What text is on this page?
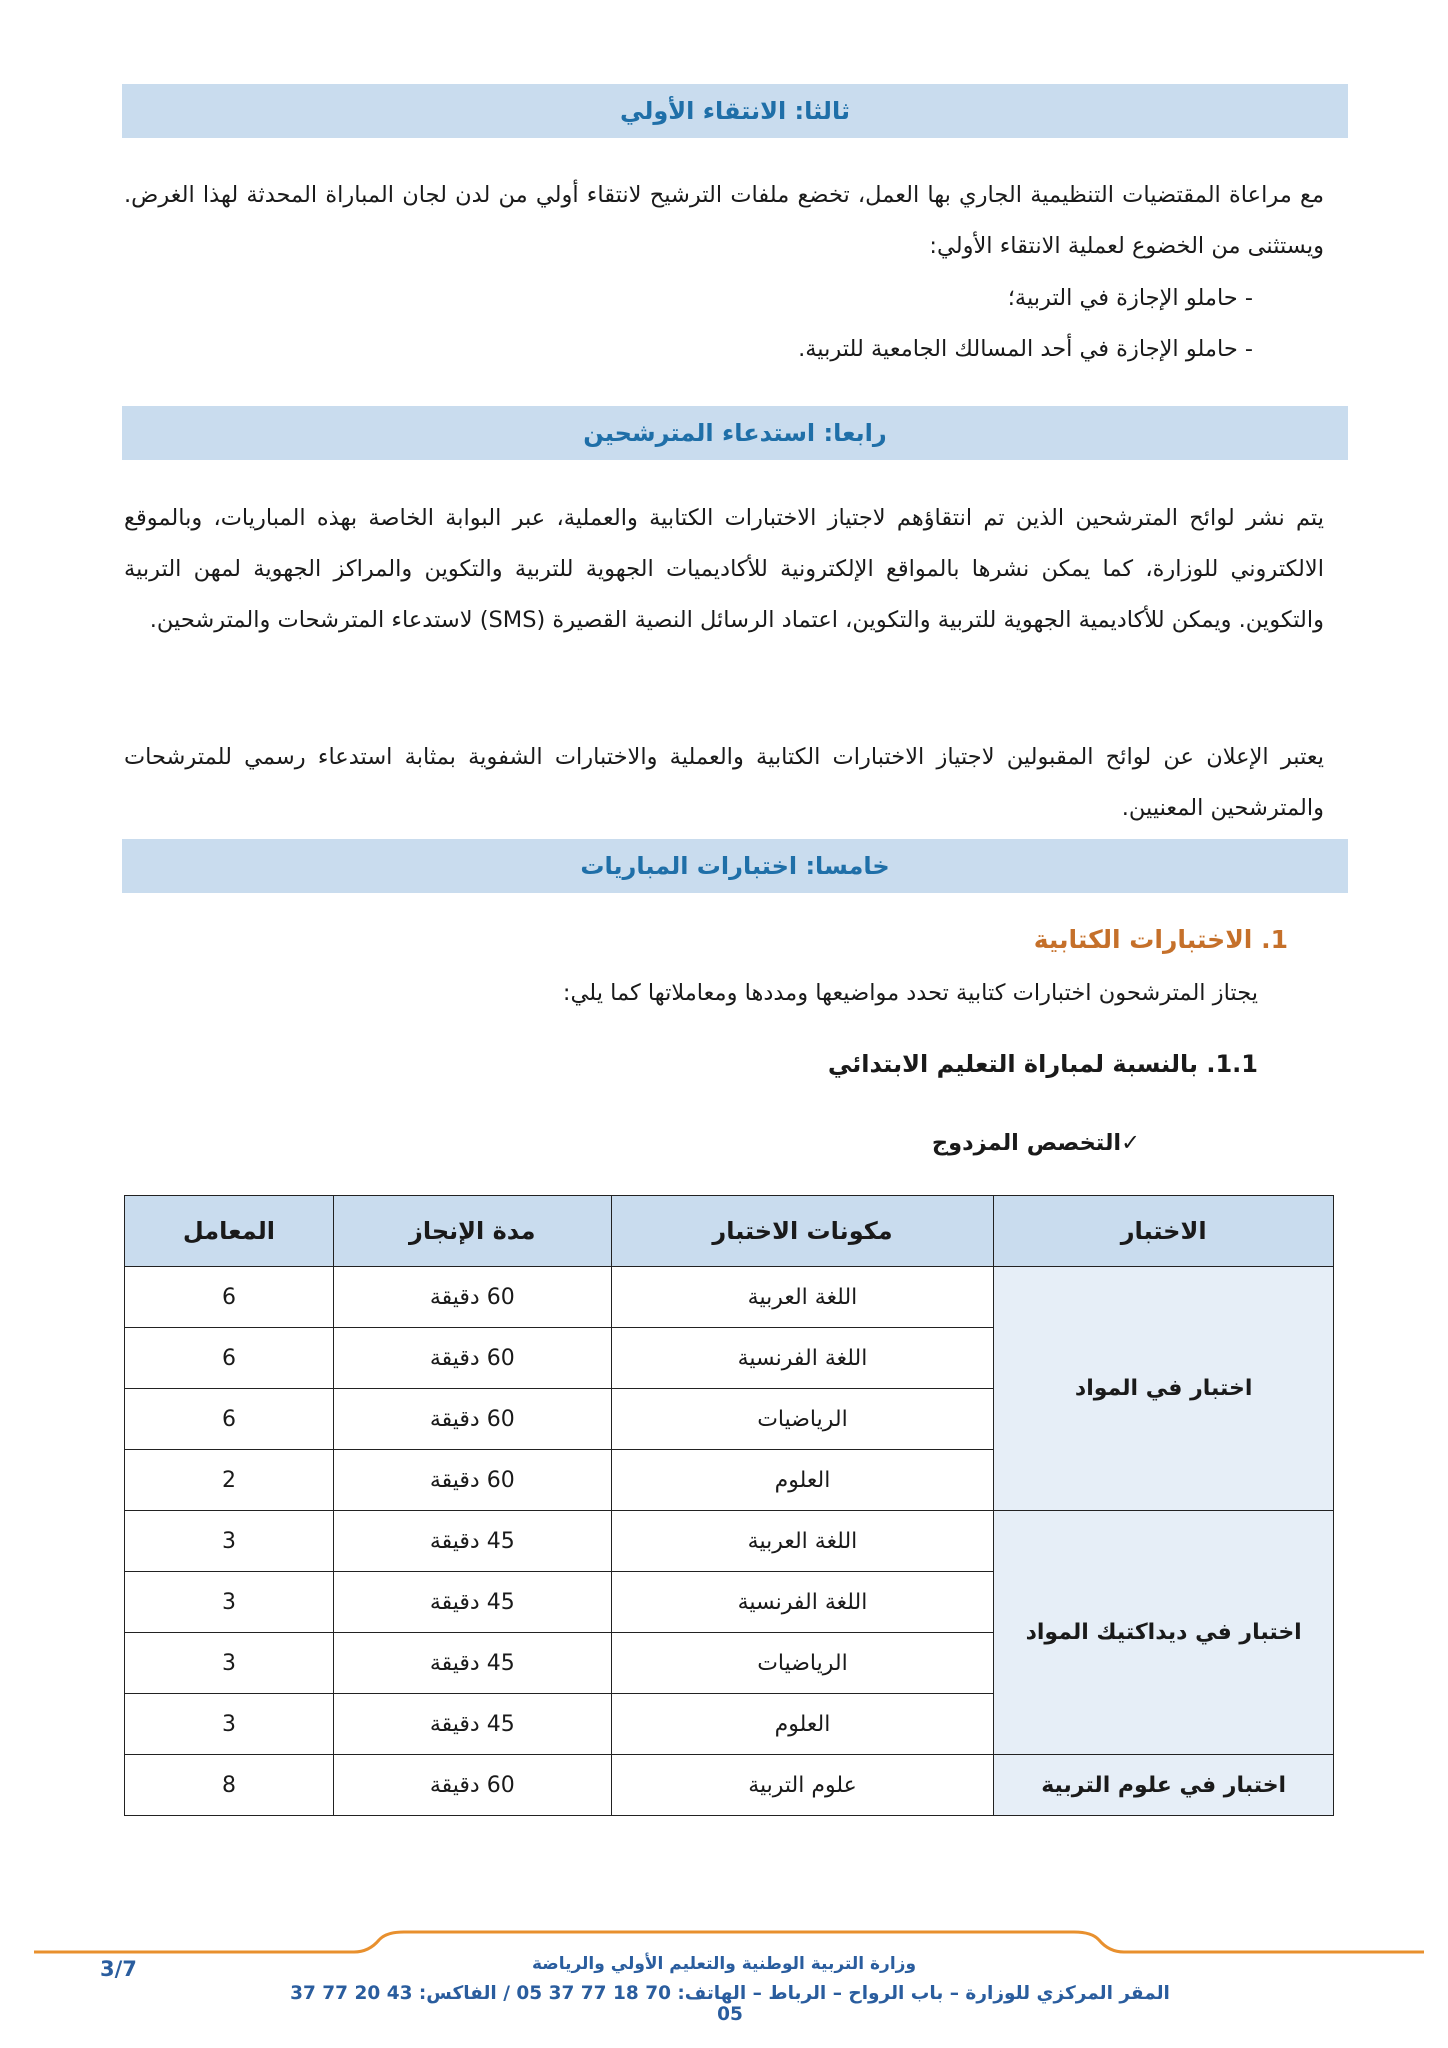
ثالثا: الانتقاء الأولي

مع مراعاة المقتضيات التنظيمية الجاري بها العمل، تخضع ملفات الترشيح لانتقاء أولي من لدن لجان المباراة المحدثة لهذا الغرض. ويستثنى من الخضوع لعملية الانتقاء الأولي:

- حاملو الإجازة في التربية؛
- حاملو الإجازة في أحد المسالك الجامعية للتربية.
رابعا: استدعاء المترشحين

يتم نشر لوائح المترشحين الذين تم انتقاؤهم لاجتياز الاختبارات الكتابية والعملية، عبر البوابة الخاصة بهذه المباريات، وبالموقع الالكتروني للوزارة، كما يمكن نشرها بالمواقع الإلكترونية للأكاديميات الجهوية للتربية والتكوين والمراكز الجهوية لمهن التربية والتكوين. ويمكن للأكاديمية الجهوية للتربية والتكوين، اعتماد الرسائل النصية القصيرة (SMS) لاستدعاء المترشحات والمترشحين.

يعتبر الإعلان عن لوائح المقبولين لاجتياز الاختبارات الكتابية والعملية والاختبارات الشفوية بمثابة استدعاء رسمي للمترشحات والمترشحين المعنيين.

خامسا: اختبارات المباريات
1. الاختبارات الكتابية
يجتاز المترشحون اختبارات كتابية تحدد مواضيعها ومددها ومعاملاتها كما يلي:
1.1. بالنسبة لمباراة التعليم الابتدائي
✓التخصص المزدوج
الاختبار	مكونات الاختبار	مدة الإنجاز	المعامل
اختبار في المواد	اللغة العربية	60 دقيقة	6
	اللغة الفرنسية	60 دقيقة	6
	الرياضيات	60 دقيقة	6
	العلوم	60 دقيقة	2
اختبار في ديداكتيك المواد	اللغة العربية	45 دقيقة	3
	اللغة الفرنسية	45 دقيقة	3
	الرياضيات	45 دقيقة	3
	العلوم	45 دقيقة	3
اختبار في علوم التربية	علوم التربية	60 دقيقة	8
وزارة التربية الوطنية والتعليم الأولي والرياضة
المقر المركزي للوزارة – باب الرواح – الرباط – الهاتف: 70 18 77 37 05 / الفاكس: 43 20 77 37 05
3/7
